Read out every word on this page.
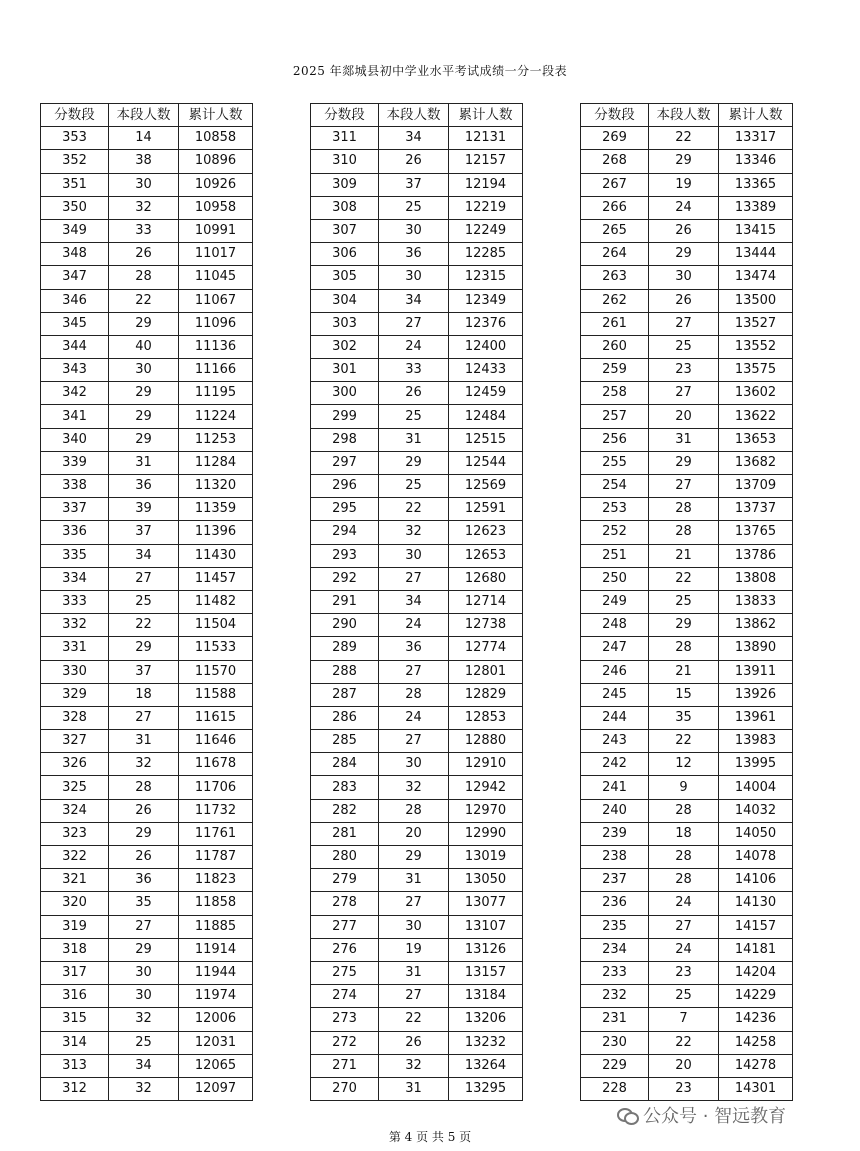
2025 年郯城县初中学业水平考试成绩一分一段表
分数段	本段人数	累计人数
353	14	10858
352	38	10896
351	30	10926
350	32	10958
349	33	10991
348	26	11017
347	28	11045
346	22	11067
345	29	11096
344	40	11136
343	30	11166
342	29	11195
341	29	11224
340	29	11253
339	31	11284
338	36	11320
337	39	11359
336	37	11396
335	34	11430
334	27	11457
333	25	11482
332	22	11504
331	29	11533
330	37	11570
329	18	11588
328	27	11615
327	31	11646
326	32	11678
325	28	11706
324	26	11732
323	29	11761
322	26	11787
321	36	11823
320	35	11858
319	27	11885
318	29	11914
317	30	11944
316	30	11974
315	32	12006
314	25	12031
313	34	12065
312	32	12097
分数段	本段人数	累计人数
311	34	12131
310	26	12157
309	37	12194
308	25	12219
307	30	12249
306	36	12285
305	30	12315
304	34	12349
303	27	12376
302	24	12400
301	33	12433
300	26	12459
299	25	12484
298	31	12515
297	29	12544
296	25	12569
295	22	12591
294	32	12623
293	30	12653
292	27	12680
291	34	12714
290	24	12738
289	36	12774
288	27	12801
287	28	12829
286	24	12853
285	27	12880
284	30	12910
283	32	12942
282	28	12970
281	20	12990
280	29	13019
279	31	13050
278	27	13077
277	30	13107
276	19	13126
275	31	13157
274	27	13184
273	22	13206
272	26	13232
271	32	13264
270	31	13295
分数段	本段人数	累计人数
269	22	13317
268	29	13346
267	19	13365
266	24	13389
265	26	13415
264	29	13444
263	30	13474
262	26	13500
261	27	13527
260	25	13552
259	23	13575
258	27	13602
257	20	13622
256	31	13653
255	29	13682
254	27	13709
253	28	13737
252	28	13765
251	21	13786
250	22	13808
249	25	13833
248	29	13862
247	28	13890
246	21	13911
245	15	13926
244	35	13961
243	22	13983
242	12	13995
241	9	14004
240	28	14032
239	18	14050
238	28	14078
237	28	14106
236	24	14130
235	27	14157
234	24	14181
233	23	14204
232	25	14229
231	7	14236
230	22	14258
229	20	14278
228	23	14301
公众号 · 智远教育
第 4 页 共 5 页
